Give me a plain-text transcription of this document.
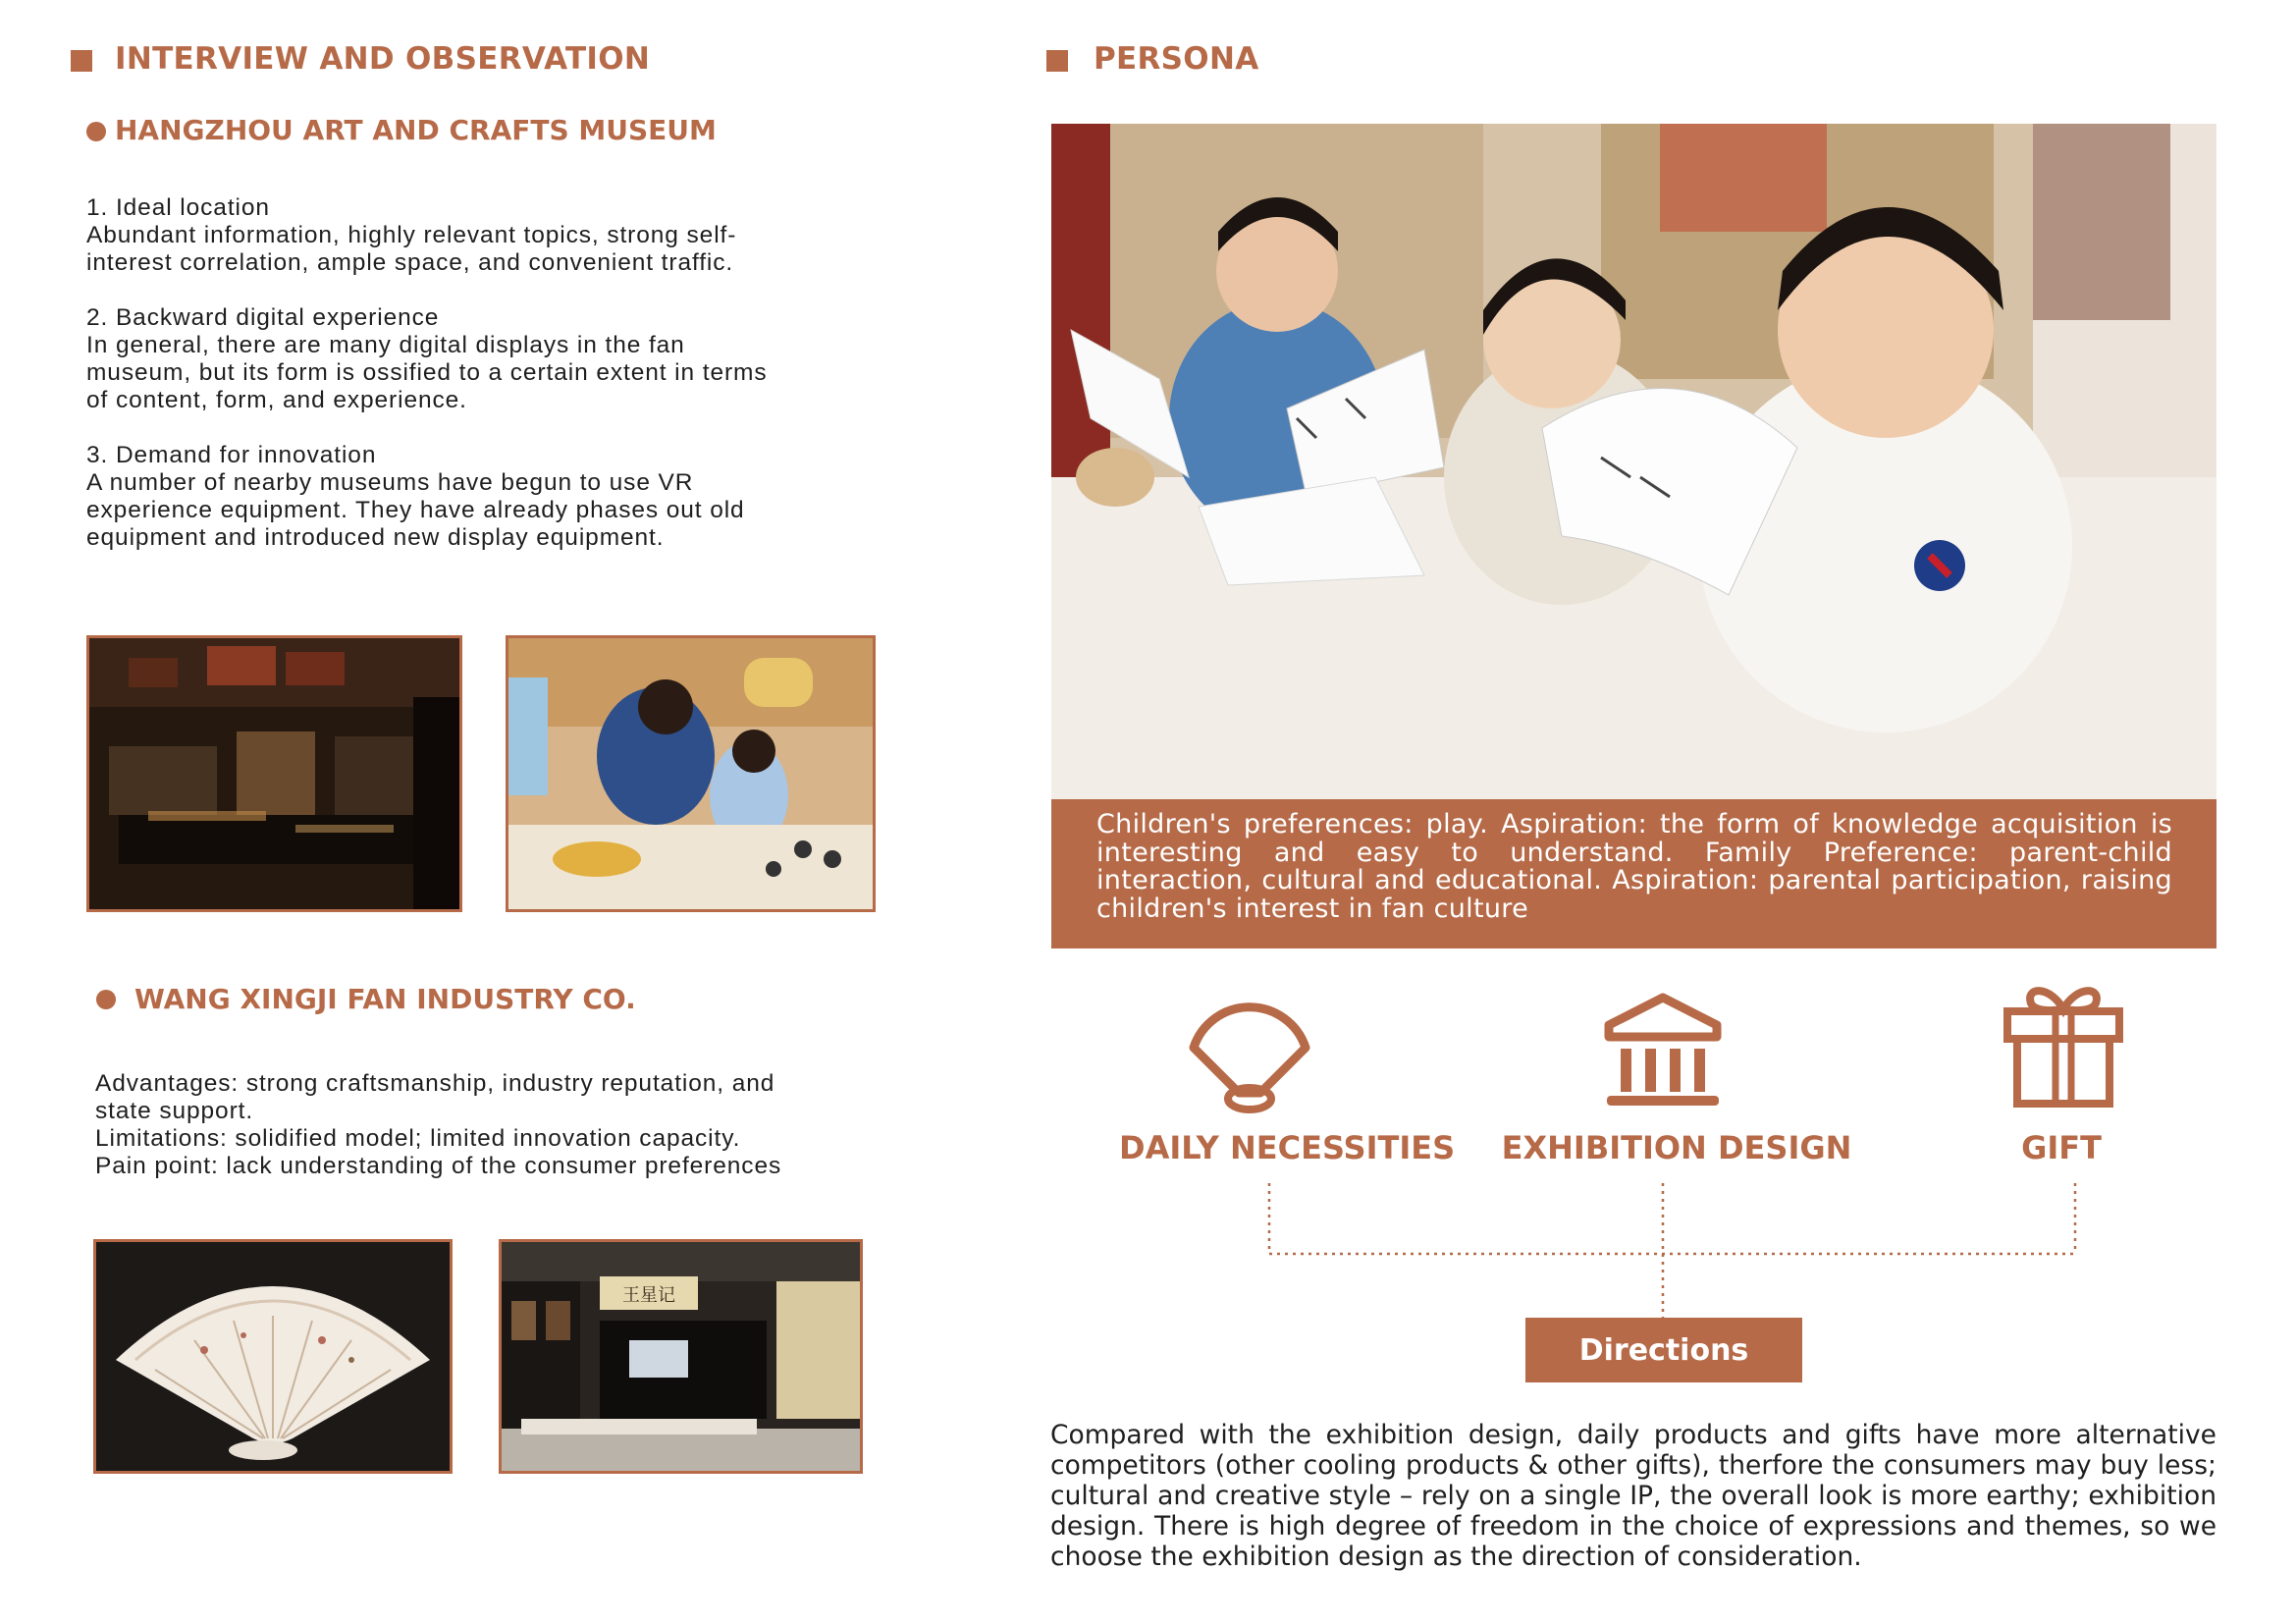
INTERVIEW AND OBSERVATION
HANGZHOU ART AND CRAFTS MUSEUM

1. Ideal location
Abundant information, highly relevant topics, strong self-
interest correlation, ample space, and convenient traffic.

2. Backward digital experience
In general, there are many digital displays in the fan
museum, but its form is ossified to a certain extent in terms
of content, form, and experience.

3. Demand for innovation
A number of nearby museums have begun to use VR
experience equipment. They have already phases out old
equipment and introduced new display equipment.

WANG XINGJI FAN INDUSTRY CO.
Advantages: strong craftsmanship, industry reputation, and
state support.
Limitations: solidified model; limited innovation capacity.
Pain point: lack understanding of the consumer preferences
王星记
PERSONA
Children's preferences: play. Aspiration: the form of knowledge acquisition is interesting and easy to understand. Family Preference: parent-child interaction, cultural and educational. Aspiration: parental participation, raising children's interest in fan culture
DAILY NECESSITIES EXHIBITION DESIGN	GIFT
Directions
Compared with the exhibition design, daily products and gifts have more alternative competitors (other cooling products & other gifts), therfore the consumers may buy less; cultural and creative style – rely on a single IP, the overall look is more earthy; exhibition design. There is high degree of freedom in the choice of expressions and themes, so we choose the exhibition design as the direction of consideration.
